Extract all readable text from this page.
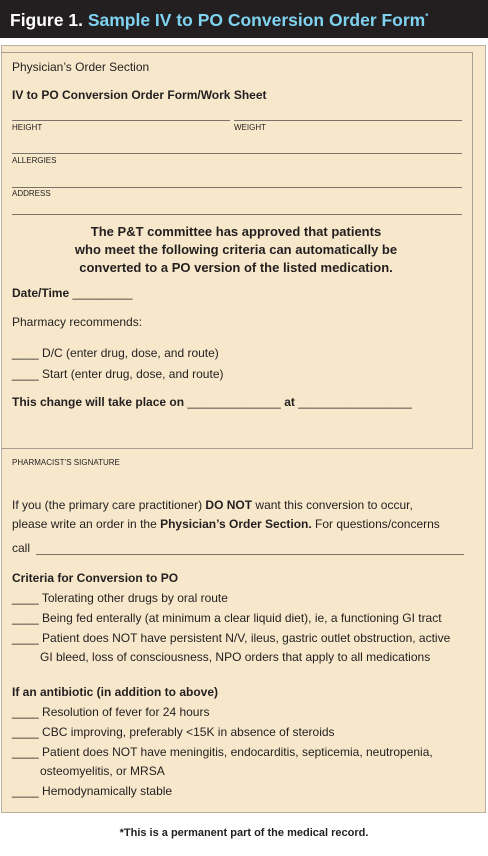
Figure 1. Sample IV to PO Conversion Order Form*
Physician’s Order Section
IV to PO Conversion Order Form/Work Sheet
HEIGHT	WEIGHT
ALLERGIES
ADDRESS
The P&T committee has approved that patients
who meet the following criteria can automatically be
converted to a PO version of the listed medication.
Date/Time _________
Pharmacy recommends:
____ D/C (enter drug, dose, and route)
____ Start (enter drug, dose, and route)
This change will take place on ______________ at _________________
PHARMACIST’S SIGNATURE
If you (the primary care practitioner) DO NOT want this conversion to occur,
please write an order in the Physician’s Order Section. For questions/concerns
call
Criteria for Conversion to PO
____ Tolerating other drugs by oral route
____ Being fed enterally (at minimum a clear liquid diet), ie, a functioning GI tract
____ Patient does NOT have persistent N/V, ileus, gastric outlet obstruction, active
GI bleed, loss of consciousness, NPO orders that apply to all medications
If an antibiotic (in addition to above)
____ Resolution of fever for 24 hours
____ CBC improving, preferably <15K in absence of steroids
____ Patient does NOT have meningitis, endocarditis, septicemia, neutropenia,
osteomyelitis, or MRSA
____ Hemodynamically stable
*This is a permanent part of the medical record.
